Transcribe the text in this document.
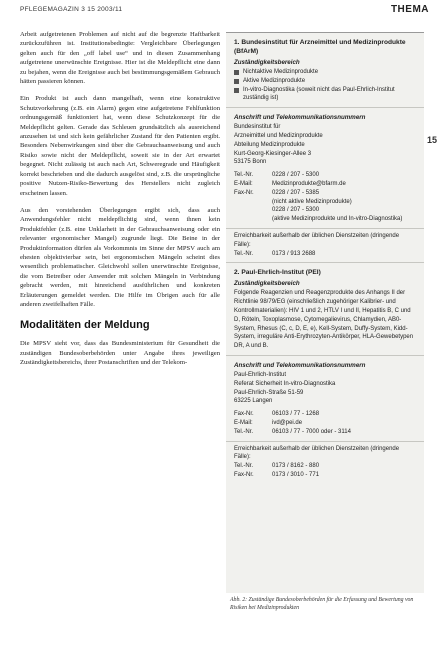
PFLEGEMAGAZIN 3 15 2003/11	THEMA
15

Arbeit aufgetretenen Problemen auf nicht auf die begrenzte Haftbarkeit zurückzuführen ist. Institutionsbedingte: Vergleichbare Überlegungen gelten auch für den „off label use“ und in diesen Zusammenhang aufgetretene unerwünschte Ereignisse. Hier ist die Meldepflicht eine dann zu bejahen, wenn die Ereignisse auch bei bestimmungsgemäßem Gebrauch hätten passieren können.

Ein Produkt ist auch dann mangelhaft, wenn eine konstruktive Schutzvorkehrung (z.B. ein Alarm) gegen eine aufgetretene Fehlfunktion ordnungsgemäß funktioniert hat, wenn diese Schutzkonzept für die Meldepflicht gelten. Gerade das Schleuen grundsätzlich als ausreichend anzusehen ist und sich kein gefährlicher Zustand für den Patienten ergibt. Besonders Nebenwirkungen sind über die Gebrauchsanweisung und auch Risiko sowie nicht der Meldepflicht, soweit sie in der Art erwartet begegnet. Nicht zulässig ist auch nach Art, Schweregrade und Häufigkeit korrekt beschrieben und die dadurch ausgelöst sind, z.B. die ursprüngliche positive Nutzen-Risiko-Bewertung des Herstellers nicht zugleich erscheinen lassen.

Aus den vorstehenden Überlegungen ergibt sich, dass auch Anwendungsfehler nicht meldepflichtig sind, wenn ihnen kein Produktfehler (z.B. eine Unklarheit in der Gebrauchsanweisung oder ein relevanter ergonomischer Mangel) zugrunde liegt. Die Beine in der Produktinformation dürfen als Vorkommnis im Sinne der MPSV auch am ehesten objektivierbar sein, bei ergonomischen Mängeln scheint dies wesentlich problematischer. Gleichwohl sollen unerwünschte Ereignisse, die vom Betreiber oder Anwender mit solchen Mängeln in Verbindung gebracht werden, mit hinreichend ausführlichen und konkreten Erläuterungen gemeldet werden. Die Hilfe im Übrigen auch für alle anderen zweifelhaften Fälle.

Modalitäten der Meldung

Die MPSV sieht vor, dass das Bundesministerium für Gesundheit die zuständigen Bundesoberbehörden unter Angabe ihres jeweiligen Zuständigkeitsbereichs, ihrer Postanschriften und der Telekom-

1. Bundesinstitut für Arzneimittel und Medizinprodukte (BfArM)
Zuständigkeitsbereich
Nichtaktive Medizinprodukte
Aktive Medizinprodukte
In-vitro-Diagnostika (soweit nicht das Paul-Ehrlich-Institut zuständig ist)
Anschrift und Telekommunikationsnummern
Bundesinstitut für
Arzneimittel und Medizinprodukte
Abteilung Medizinprodukte
Kurt-Georg-Kiesinger-Allee 3
53175 Bonn
Tel.-Nr.	0228 / 207 - 5300
E-Mail:	Medizinprodukte@bfarm.de
Fax-Nr.	0228 / 207 - 5385
(nicht aktive Medizinprodukte)
0228 / 207 - 5300
(aktive Medizinprodukte und In-vitro-Diagnostika)
Erreichbarkeit außerhalb der üblichen Dienstzeiten (dringende Fälle):
Tel.-Nr.	0173 / 913 2688
2. Paul-Ehrlich-Institut (PEI)
Zuständigkeitsbereich
Folgende Reagenzien und Reagenzprodukte des Anhangs II der Richtlinie 98/79/EG (einschließlich zugehöriger Kalibrier- und Kontrollmaterialien): HIV 1 und 2, HTLV I und II, Hepatitis B, C und D, Röteln, Toxoplasmose, Cytomegalievirus, Chlamydien, AB0-System, Rhesus (C, c, D, E, e), Kell-System, Duffy-System, Kidd-System, irreguläre Anti-Erythrozyten-Antikörper, HLA-Gewebetypen DR, A und B.
Anschrift und Telekommunikationsnummern
Paul-Ehrlich-Institut
Referat Sicherheit In-vitro-Diagnostika
Paul-Ehrlich-Straße 51-59
63225 Langen
Fax-Nr.	06103 / 77 - 1268
E-Mail:	ivd@pei.de
Tel.-Nr.	06103 / 77 - 7000 oder - 3114
Erreichbarkeit außerhalb der üblichen Dienstzeiten (dringende Fälle):
Tel.-Nr.	0173 / 8162 - 880
Fax-Nr.	0173 / 3010 - 771
Abb. 2: Zuständige Bundesoberbehörden für die Erfassung und Bewertung von Risiken bei Medizinprodukten
